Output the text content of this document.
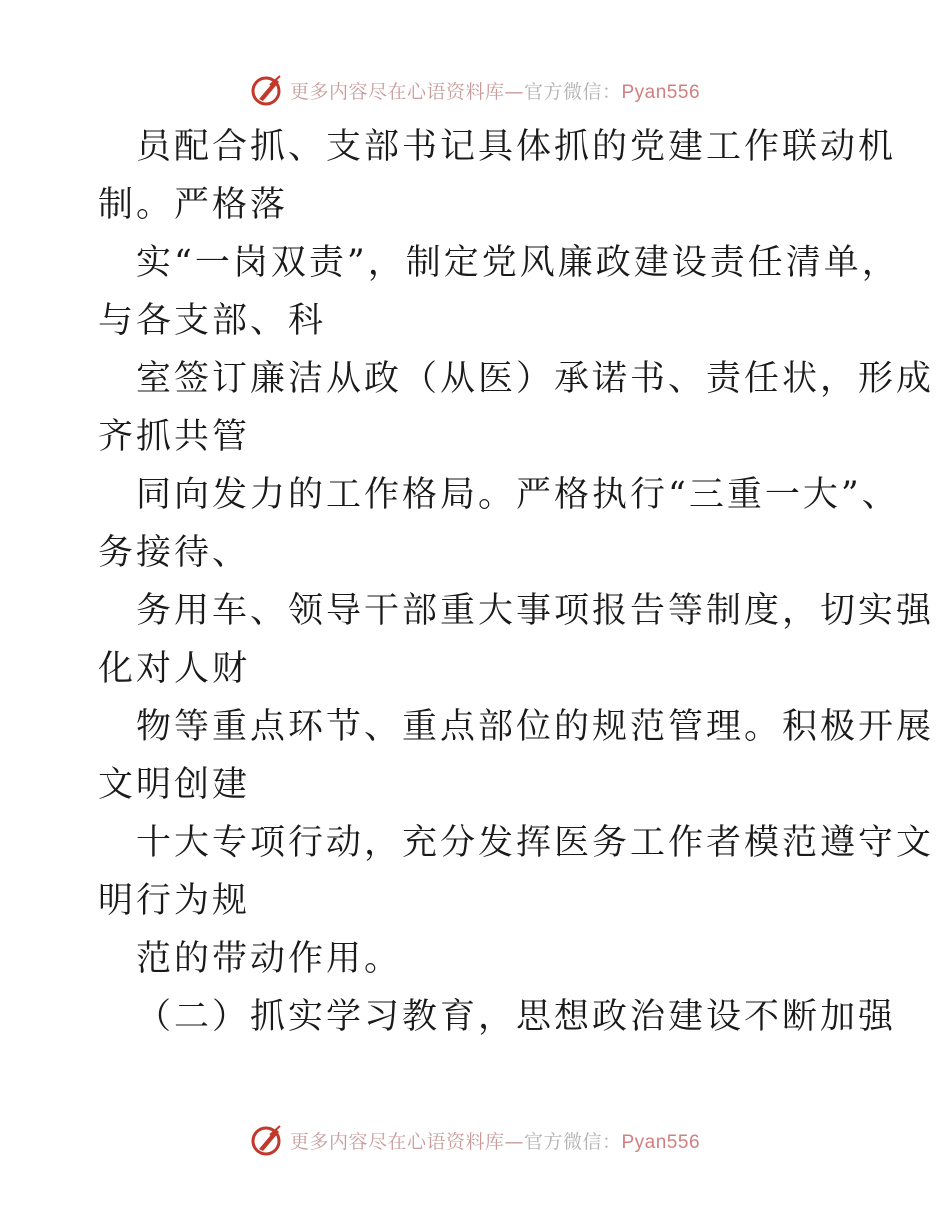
更多内容尽在心语资料库—官方微信：Pyan556
员配合抓、支部书记具体抓的党建工作联动机
制。严格落
实“一岗双责”，制定党风廉政建设责任清单，
与各支部、科
室签订廉洁从政（从医）承诺书、责任状，形成
齐抓共管
同向发力的工作格局。严格执行“三重一大”、
务接待、
务用车、领导干部重大事项报告等制度，切实强
化对人财
物等重点环节、重点部位的规范管理。积极开展
文明创建
十大专项行动，充分发挥医务工作者模范遵守文
明行为规
范的带动作用。
（二）抓实学习教育，思想政治建设不断加强
更多内容尽在心语资料库—官方微信：Pyan556
